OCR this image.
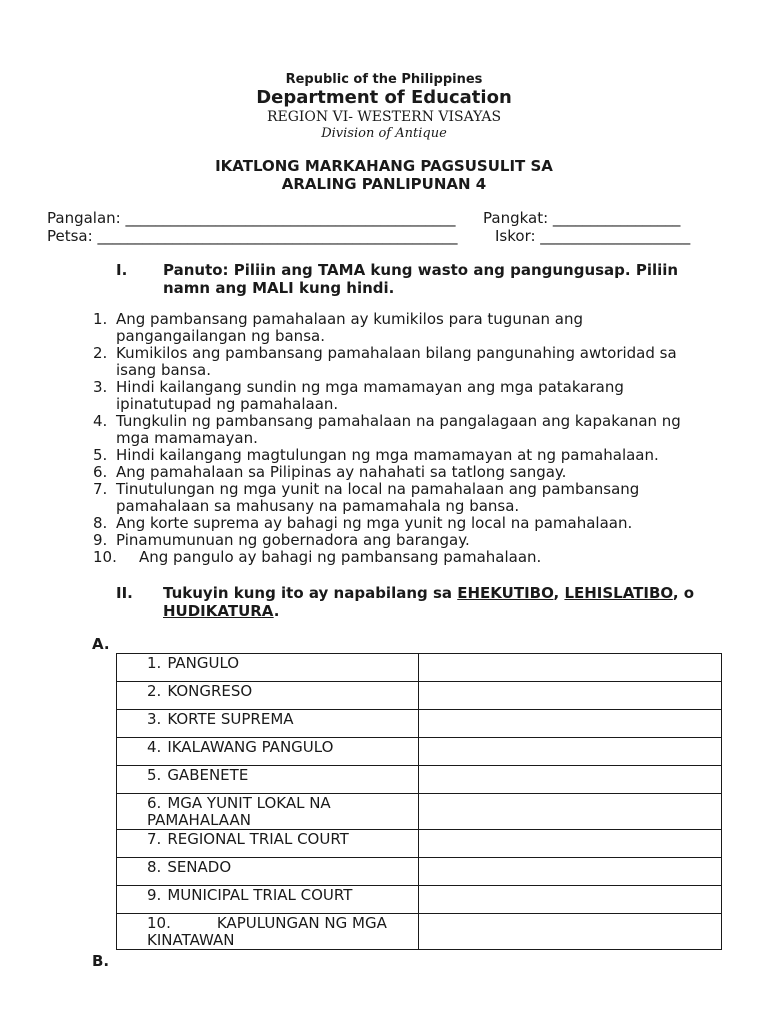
Republic of the Philippines
Department of Education
REGION VI- WESTERN VISAYAS
Division of Antique
IKATLONG MARKAHANG PAGSUSULIT SA
ARALING PANLIPUNAN 4
Pangalan: ____________________________________________ Pangkat: _________________
Petsa: ________________________________________________	Iskor: ____________________
I. Panuto: Piliin ang TAMA kung wasto ang pangungusap. Piliin
namn ang MALI kung hindi.
1. Ang pambansang pamahalaan ay kumikilos para tugunan ang
pangangailangan ng bansa.
2. Kumikilos ang pambansang pamahalaan bilang pangunahing awtoridad sa
isang bansa.
3. Hindi kailangang sundin ng mga mamamayan ang mga patakarang
ipinatutupad ng pamahalaan.
4. Tungkulin ng pambansang pamahalaan na pangalagaan ang kapakanan ng
mga mamamayan.
5. Hindi kailangang magtulungan ng mga mamamayan at ng pamahalaan.
6. Ang pamahalaan sa Pilipinas ay nahahati sa tatlong sangay.
7. Tinutulungan ng mga yunit na local na pamahalaan ang pambansang
pamahalaan sa mahusany na pamamahala ng bansa.
8. Ang korte suprema ay bahagi ng mga yunit ng local na pamahalaan.
9. Pinamumunuan ng gobernadora ang barangay.
10.	Ang pangulo ay bahagi ng pambansang pamahalaan.
II. Tukuyin kung ito ay napabilang sa EHEKUTIBO, LEHISLATIBO, o
HUDIKATURA.
A.
1. PANGULO	
2. KONGRESO	
3. KORTE SUPREMA	
4. IKALAWANG PANGULO	
5. GABENETE	
6. MGA YUNIT LOKAL NA PAMAHALAAN	
7. REGIONAL TRIAL COURT	
8. SENADO	
9. MUNICIPAL TRIAL COURT	
10. KAPULUNGAN NG MGA KINATAWAN	
B.
